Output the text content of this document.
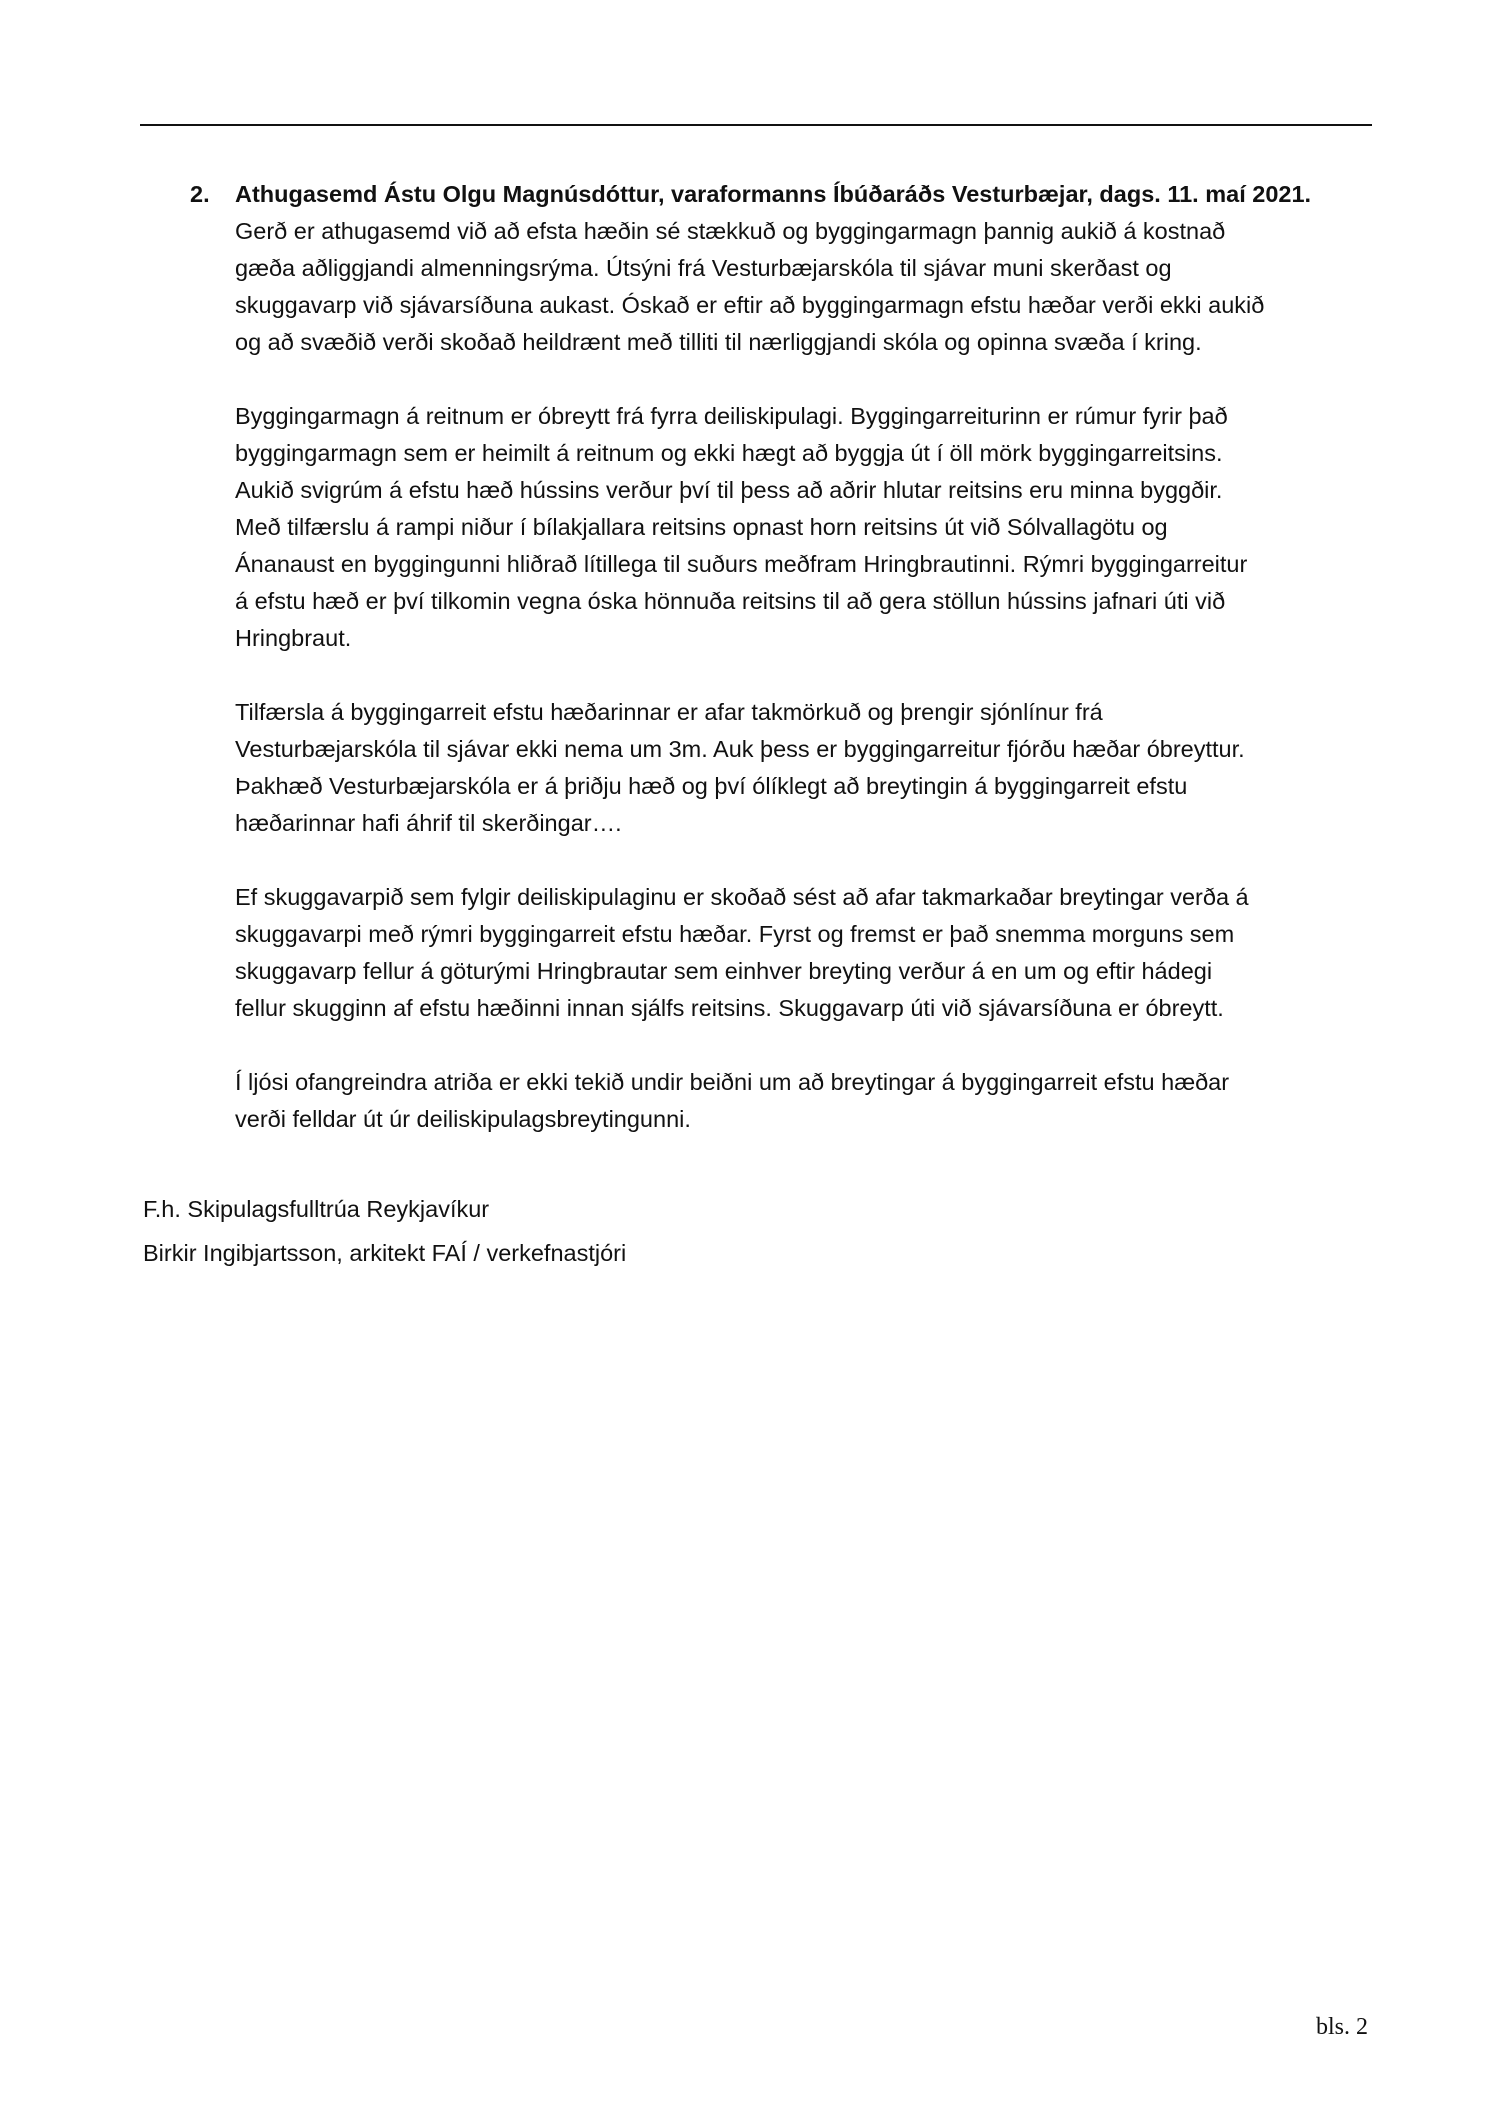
2. Athugasemd Ástu Olgu Magnúsdóttur, varaformanns Íbúðaráðs Vesturbæjar, dags. 11. maí 2021.
Gerð er athugasemd við að efsta hæðin sé stækkuð og byggingarmagn þannig aukið á kostnað
gæða aðliggjandi almenningsrýma. Útsýni frá Vesturbæjarskóla til sjávar muni skerðast og
skuggavarp við sjávarsíðuna aukast. Óskað er eftir að byggingarmagn efstu hæðar verði ekki aukið
og að svæðið verði skoðað heildrænt með tilliti til nærliggjandi skóla og opinna svæða í kring.
Byggingarmagn á reitnum er óbreytt frá fyrra deiliskipulagi. Byggingarreiturinn er rúmur fyrir það
byggingarmagn sem er heimilt á reitnum og ekki hægt að byggja út í öll mörk byggingarreitsins.
Aukið svigrúm á efstu hæð hússins verður því til þess að aðrir hlutar reitsins eru minna byggðir.
Með tilfærslu á rampi niður í bílakjallara reitsins opnast horn reitsins út við Sólvallagötu og
Ánanaust en byggingunni hliðrað lítillega til suðurs meðfram Hringbrautinni. Rýmri byggingarreitur
á efstu hæð er því tilkomin vegna óska hönnuða reitsins til að gera stöllun hússins jafnari úti við
Hringbraut.
Tilfærsla á byggingarreit efstu hæðarinnar er afar takmörkuð og þrengir sjónlínur frá
Vesturbæjarskóla til sjávar ekki nema um 3m. Auk þess er byggingarreitur fjórðu hæðar óbreyttur.
Þakhæð Vesturbæjarskóla er á þriðju hæð og því ólíklegt að breytingin á byggingarreit efstu
hæðarinnar hafi áhrif til skerðingar….
Ef skuggavarpið sem fylgir deiliskipulaginu er skoðað sést að afar takmarkaðar breytingar verða á
skuggavarpi með rýmri byggingarreit efstu hæðar. Fyrst og fremst er það snemma morguns sem
skuggavarp fellur á göturými Hringbrautar sem einhver breyting verður á en um og eftir hádegi
fellur skugginn af efstu hæðinni innan sjálfs reitsins. Skuggavarp úti við sjávarsíðuna er óbreytt.
Í ljósi ofangreindra atriða er ekki tekið undir beiðni um að breytingar á byggingarreit efstu hæðar
verði felldar út úr deiliskipulagsbreytingunni.
F.h. Skipulagsfulltrúa Reykjavíkur
Birkir Ingibjartsson, arkitekt FAÍ / verkefnastjóri
bls. 2
